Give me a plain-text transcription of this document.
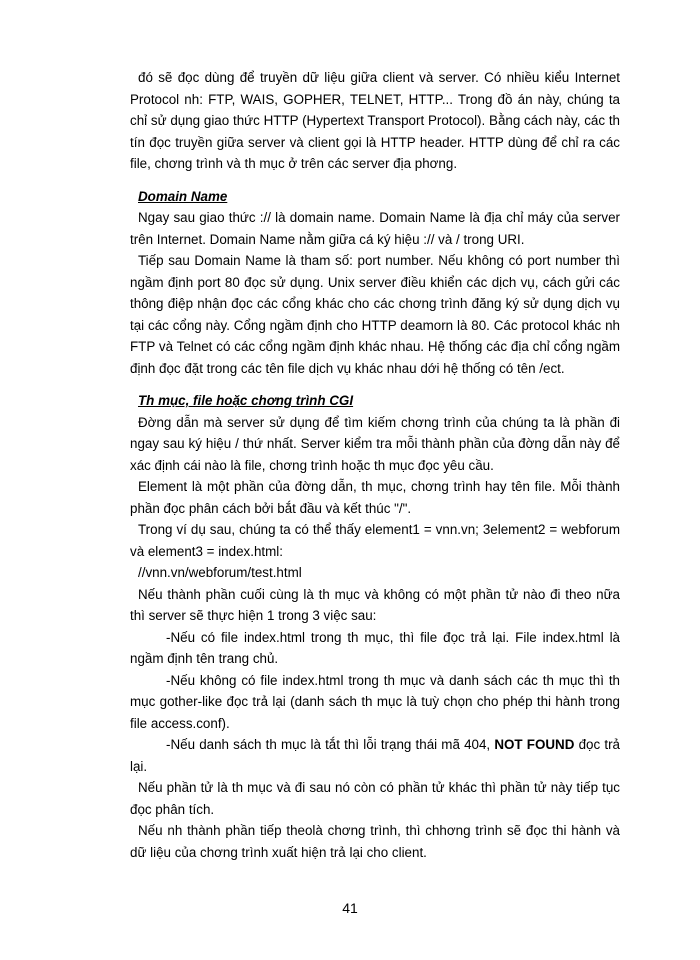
đó sẽ đọc dùng để truyền dữ liệu giữa client và server. Có nhiều kiểu Internet Protocol nh: FTP, WAIS, GOPHER, TELNET, HTTP... Trong đồ án này, chúng ta chỉ sử dụng giao thức HTTP (Hypertext Transport Protocol). Bằng cách này, các th tín đọc truyền giữa server và client gọi là HTTP header. HTTP dùng để chỉ ra các file, chơng trình và th mục ở trên các server địa phơng.

Domain Name

Ngay sau giao thức :// là domain name. Domain Name là địa chỉ máy của server trên Internet. Domain Name nằm giữa cá ký hiệu :// và / trong URI.

Tiếp sau Domain Name là tham số: port number. Nếu không có port number thì ngầm định port 80 đọc sử dụng. Unix server điều khiển các dịch vụ, cách gửi các thông điệp nhận đọc các cổng khác cho các chơng trình đăng ký sử dụng dịch vụ tại các cổng này. Cổng ngầm định cho HTTP deamorn là 80. Các protocol khác nh FTP và Telnet có các cổng ngầm định khác nhau. Hệ thống các địa chỉ cổng ngầm định đọc đặt trong các tên file dịch vụ khác nhau dới hệ thống có tên /ect.

Th mục, file hoặc chơng trình CGI

Đờng dẫn mà server sử dụng để tìm kiếm chơng trình của chúng ta là phần đi ngay sau ký hiệu / thứ nhất. Server kiểm tra mỗi thành phần của đờng dẫn này để xác định cái nào là file, chơng trình hoặc th mục đọc yêu cầu.

Element là một phần của đờng dẫn, th mục, chơng trình hay tên file. Mỗi thành phần đọc phân cách bởi bắt đầu và kết thúc "/".

Trong ví dụ sau, chúng ta có thể thấy element1 = vnn.vn; 3element2 = webforum và element3 = index.html:

//vnn.vn/webforum/test.html

Nếu thành phần cuối cùng là th mục và không có một phần tử nào đi theo nữa thì server sẽ thực hiện 1 trong 3 việc sau:

-Nếu có file index.html trong th mục, thì file đọc trả lại. File index.html là ngầm định tên trang chủ.

-Nếu không có file index.html trong th mục và danh sách các th mục thì th mục gother-like đọc trả lại (danh sách th mục là tuỳ chọn cho phép thi hành trong file access.conf).

-Nếu danh sách th mục là tắt thì lỗi trạng thái mã 404, NOT FOUND đọc trả lại.

Nếu phần tử là th mục và đi sau nó còn có phần tử khác thì phần tử này tiếp tục đọc phân tích.

Nếu nh thành phần tiếp theolà chơng trình, thì chhơng trình sẽ đọc thi hành và dữ liệu của chơng trình xuất hiện trả lại cho client.

41
